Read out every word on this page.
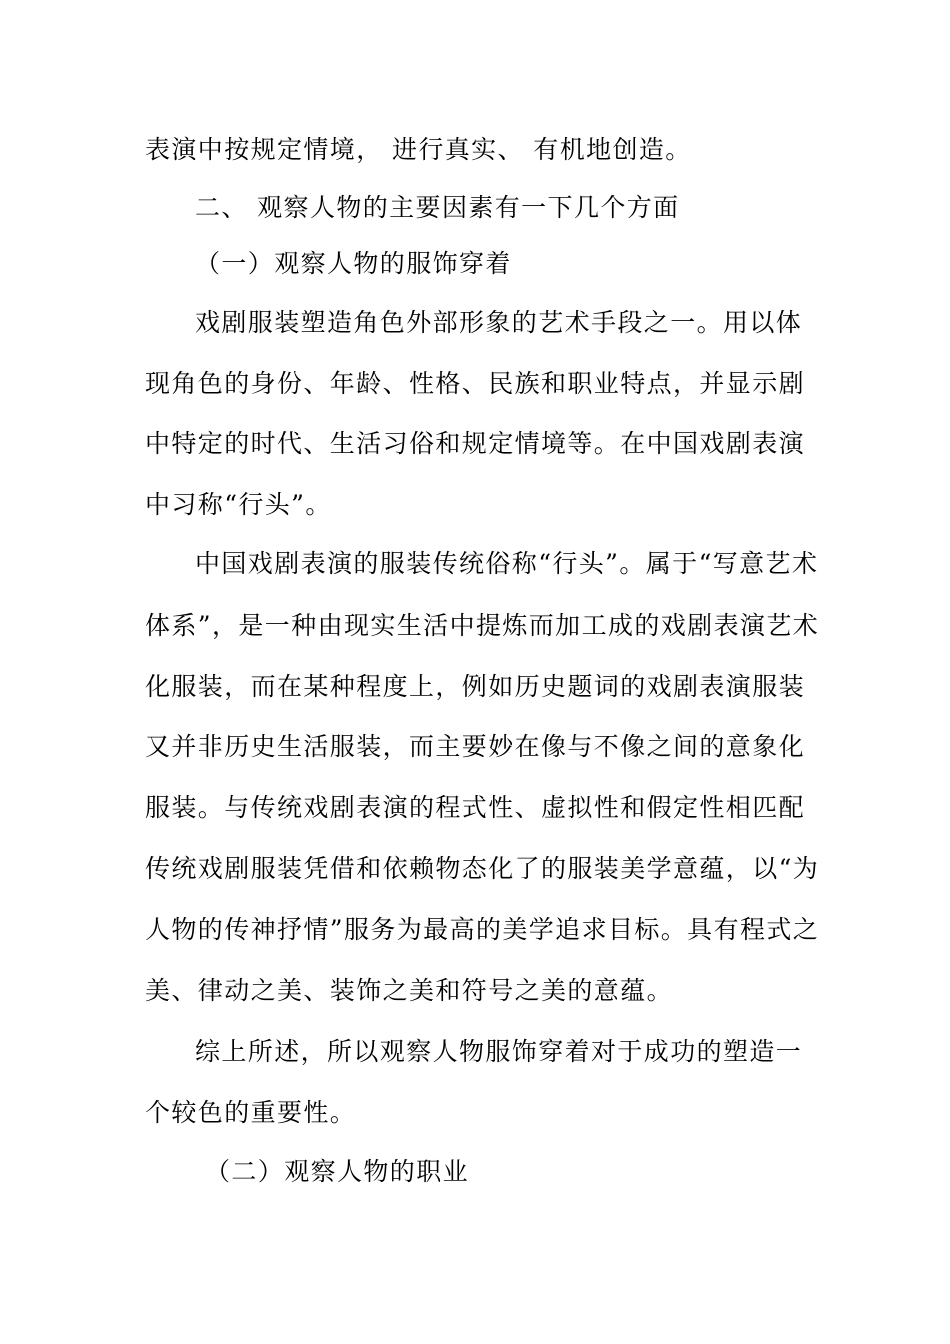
表演中按规定情境， 进行真实、 有机地创造。

二、 观察人物的主要因素有一下几个方面

（一）观察人物的服饰穿着

戏剧服装塑造角色外部形象的艺术手段之一。用以体

现角色的身份、年龄、性格、民族和职业特点，并显示剧

中特定的时代、生活习俗和规定情境等。在中国戏剧表演

中习称“行头”。

中国戏剧表演的服装传统俗称“行头”。属于“写意艺术

体系”，是一种由现实生活中提炼而加工成的戏剧表演艺术

化服装，而在某种程度上，例如历史题词的戏剧表演服装

又并非历史生活服装，而主要妙在像与不像之间的意象化

服装。与传统戏剧表演的程式性、虚拟性和假定性相匹配

传统戏剧服装凭借和依赖物态化了的服装美学意蕴，以“为

人物的传神抒情”服务为最高的美学追求目标。具有程式之

美、律动之美、装饰之美和符号之美的意蕴。

综上所述，所以观察人物服饰穿着对于成功的塑造一

个较色的重要性。

（二）观察人物的职业
